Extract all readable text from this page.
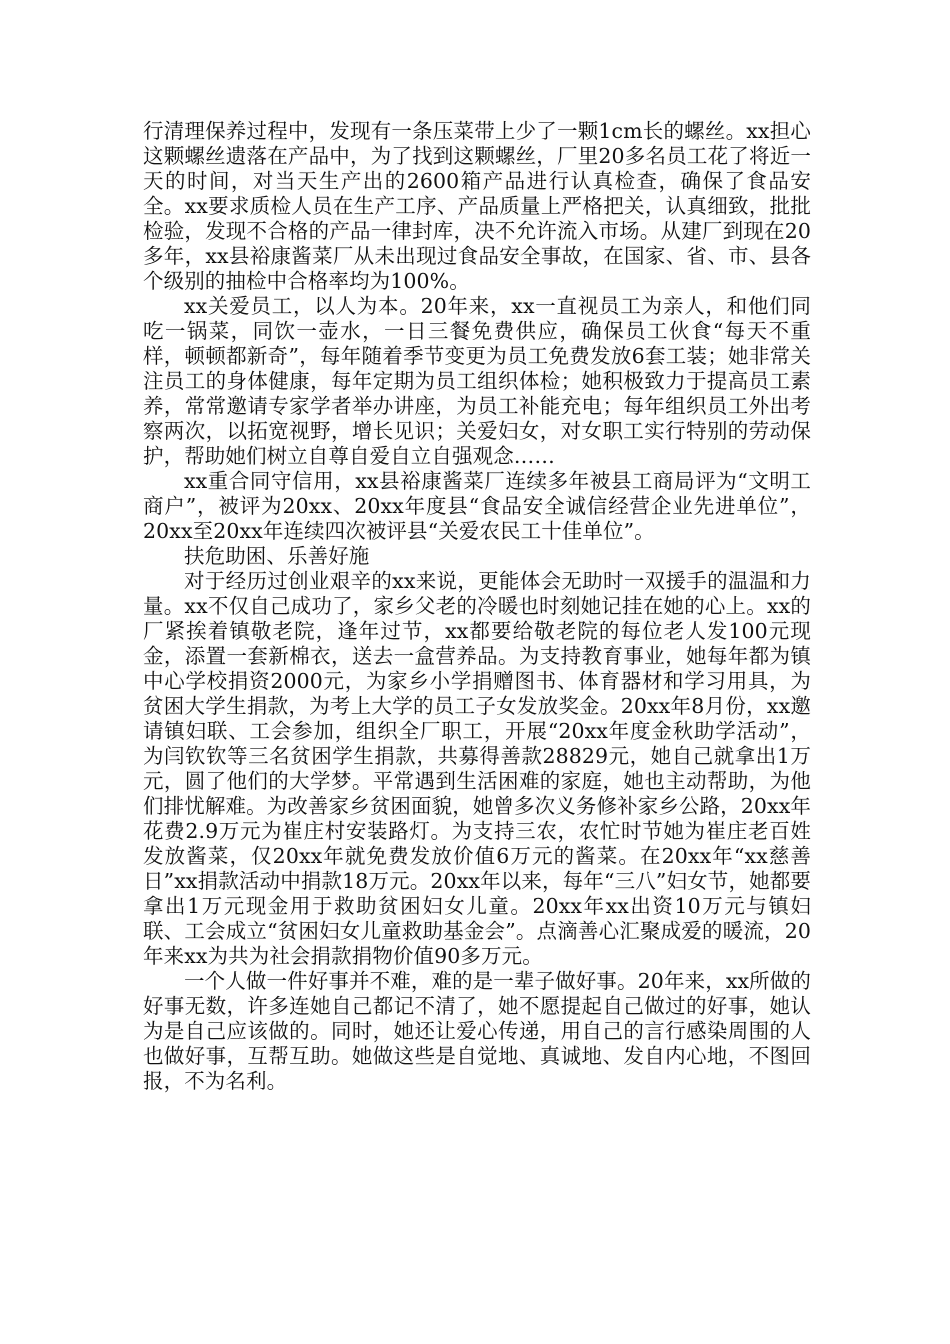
行清理保养过程中，发现有一条压菜带上少了一颗1cm长的螺丝。xx担心这颗螺丝遗落在产品中，为了找到这颗螺丝，厂里20多名员工花了将近一天的时间，对当天生产出的2600箱产品进行认真检查，确保了食品安全。xx要求质检人员在生产工序、产品质量上严格把关，认真细致，批批检验，发现不合格的产品一律封库，决不允许流入市场。从建厂到现在20多年，xx县裕康酱菜厂从未出现过食品安全事故，在国家、省、市、县各个级别的抽检中合格率均为100%。

xx关爱员工，以人为本。20年来，xx一直视员工为亲人，和他们同吃一锅菜，同饮一壶水，一日三餐免费供应，确保员工伙食“每天不重样，顿顿都新奇”，每年随着季节变更为员工免费发放6套工装；她非常关注员工的身体健康，每年定期为员工组织体检；她积极致力于提高员工素养，常常邀请专家学者举办讲座，为员工补能充电；每年组织员工外出考察两次，以拓宽视野，增长见识；关爱妇女，对女职工实行特别的劳动保护，帮助她们树立自尊自爱自立自强观念……

xx重合同守信用，xx县裕康酱菜厂连续多年被县工商局评为“文明工商户”，被评为20xx、20xx年度县“食品安全诚信经营企业先进单位”，20xx至20xx年连续四次被评县“关爱农民工十佳单位”。

扶危助困、乐善好施

对于经历过创业艰辛的xx来说，更能体会无助时一双援手的温温和力量。xx不仅自己成功了，家乡父老的冷暖也时刻她记挂在她的心上。xx的厂紧挨着镇敬老院，逢年过节，xx都要给敬老院的每位老人发100元现金，添置一套新棉衣，送去一盒营养品。为支持教育事业，她每年都为镇中心学校捐资2000元，为家乡小学捐赠图书、体育器材和学习用具，为贫困大学生捐款，为考上大学的员工子女发放奖金。20xx年8月份，xx邀请镇妇联、工会参加，组织全厂职工，开展“20xx年度金秋助学活动”，为闫钦钦等三名贫困学生捐款，共募得善款28829元，她自己就拿出1万元，圆了他们的大学梦。平常遇到生活困难的家庭，她也主动帮助，为他们排忧解难。为改善家乡贫困面貌，她曾多次义务修补家乡公路，20xx年花费2.9万元为崔庄村安装路灯。为支持三农，农忙时节她为崔庄老百姓发放酱菜，仅20xx年就免费发放价值6万元的酱菜。在20xx年“xx慈善日”xx捐款活动中捐款18万元。20xx年以来，每年“三八”妇女节，她都要拿出1万元现金用于救助贫困妇女儿童。20xx年xx出资10万元与镇妇联、工会成立“贫困妇女儿童救助基金会”。点滴善心汇聚成爱的暖流，20年来xx为共为社会捐款捐物价值90多万元。

一个人做一件好事并不难，难的是一辈子做好事。20年来，xx所做的好事无数，许多连她自己都记不清了，她不愿提起自己做过的好事，她认为是自己应该做的。同时，她还让爱心传递，用自己的言行感染周围的人也做好事，互帮互助。她做这些是自觉地、真诚地、发自内心地，不图回报，不为名利。
